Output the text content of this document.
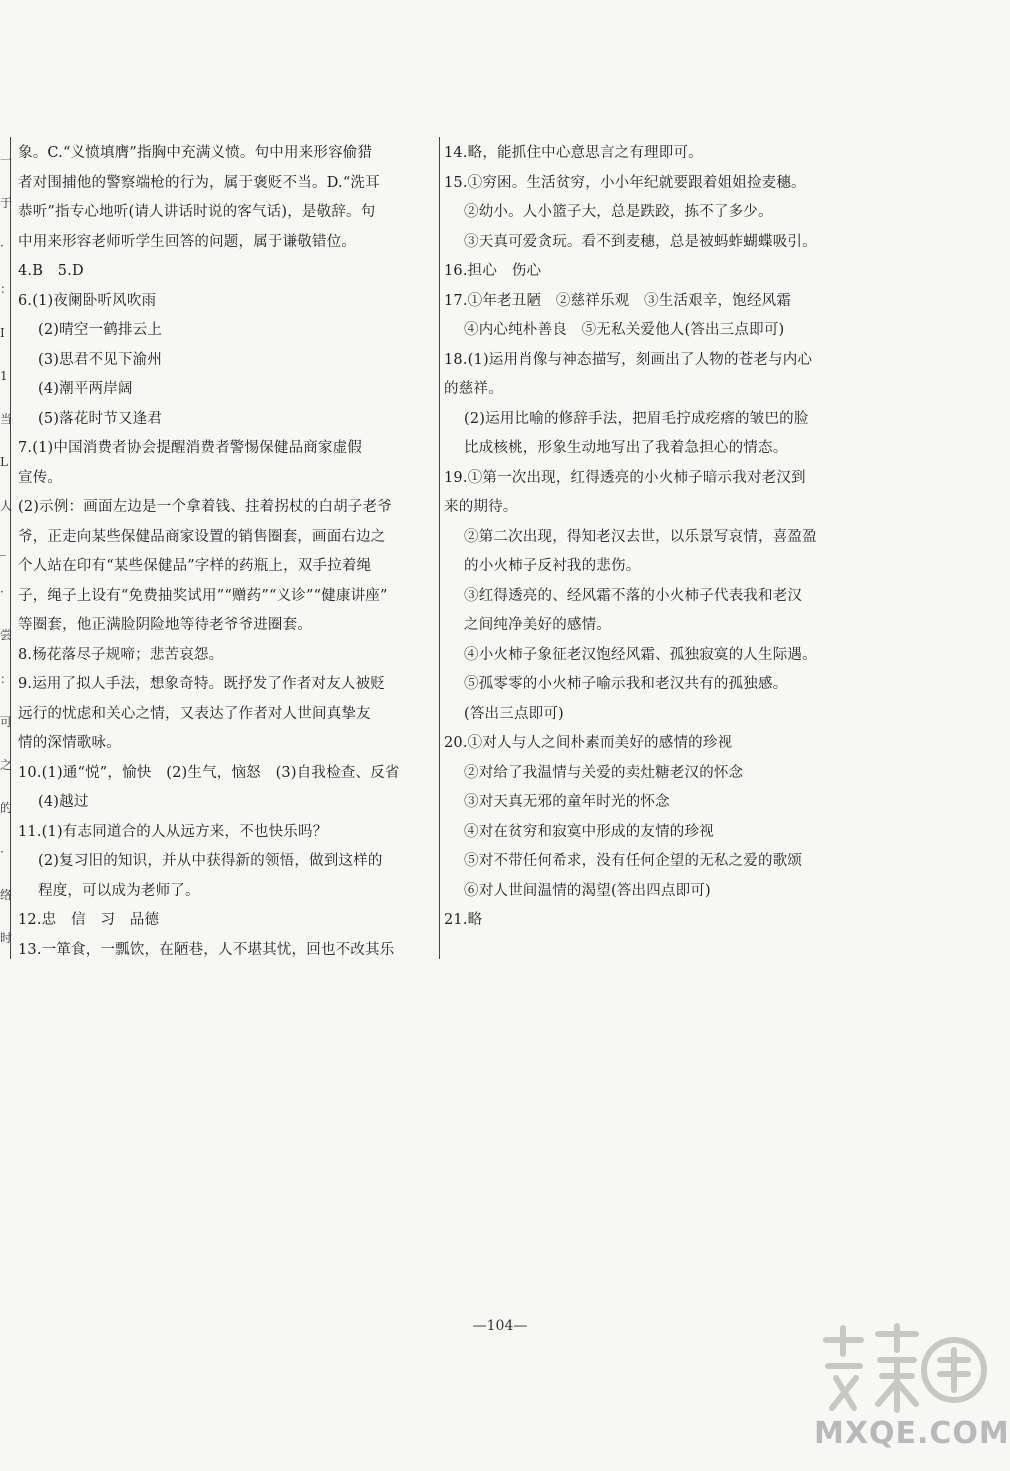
一
于
·
：
I
1
当
L
人
_
·
尝
：
可
之
的
·
络
时
象。C.“义愤填膺”指胸中充满义愤。句中用来形容偷猎
者对围捕他的警察端枪的行为，属于褒贬不当。D.“洗耳
恭听”指专心地听(请人讲话时说的客气话)，是敬辞。句
中用来形容老师听学生回答的问题，属于谦敬错位。
4.B　5.D
6.(1)夜阑卧听风吹雨
(2)晴空一鹤排云上
(3)思君不见下渝州
(4)潮平两岸阔
(5)落花时节又逢君
7.(1)中国消费者协会提醒消费者警惕保健品商家虚假
宣传。
(2)示例：画面左边是一个拿着钱、拄着拐杖的白胡子老爷
爷，正走向某些保健品商家设置的销售圈套，画面右边之
个人站在印有“某些保健品”字样的药瓶上，双手拉着绳
子，绳子上设有“免费抽奖试用”“赠药”“义诊”“健康讲座”
等圈套，他正满脸阴险地等待老爷爷进圈套。
8.杨花落尽子规啼；悲苦哀怨。
9.运用了拟人手法，想象奇特。既抒发了作者对友人被贬
远行的忧虑和关心之情，又表达了作者对人世间真挚友
情的深情歌咏。
10.(1)通“悦”，愉快　(2)生气，恼怒　(3)自我检查、反省
(4)越过
11.(1)有志同道合的人从远方来，不也快乐吗？
(2)复习旧的知识，并从中获得新的领悟，做到这样的
程度，可以成为老师了。
12.忠　信　习　品德
13.一箪食，一瓢饮，在陋巷，人不堪其忧，回也不改其乐
14.略，能抓住中心意思言之有理即可。
15.①穷困。生活贫穷，小小年纪就要跟着姐姐捡麦穗。
②幼小。人小篮子大，总是跌跤，拣不了多少。
③天真可爱贪玩。看不到麦穗，总是被蚂蚱蝴蝶吸引。
16.担心　伤心
17.①年老丑陋　②慈祥乐观　③生活艰辛，饱经风霜
④内心纯朴善良　⑤无私关爱他人(答出三点即可)
18.(1)运用肖像与神态描写，刻画出了人物的苍老与内心
的慈祥。
(2)运用比喻的修辞手法，把眉毛拧成疙瘩的皱巴的脸
比成核桃，形象生动地写出了我着急担心的情态。
19.①第一次出现，红得透亮的小火柿子暗示我对老汉到
来的期待。
②第二次出现，得知老汉去世，以乐景写哀情，喜盈盈
的小火柿子反衬我的悲伤。
③红得透亮的、经风霜不落的小火柿子代表我和老汉
之间纯净美好的感情。
④小火柿子象征老汉饱经风霜、孤独寂寞的人生际遇。
⑤孤零零的小火柿子喻示我和老汉共有的孤独感。
(答出三点即可)
20.①对人与人之间朴素而美好的感情的珍视
②对给了我温情与关爱的卖灶糖老汉的怀念
③对天真无邪的童年时光的怀念
④对在贫穷和寂寞中形成的友情的珍视
⑤对不带任何希求，没有任何企望的无私之爱的歌颂
⑥对人世间温情的渴望(答出四点即可)
21.略
—104—
MXQE.COM
